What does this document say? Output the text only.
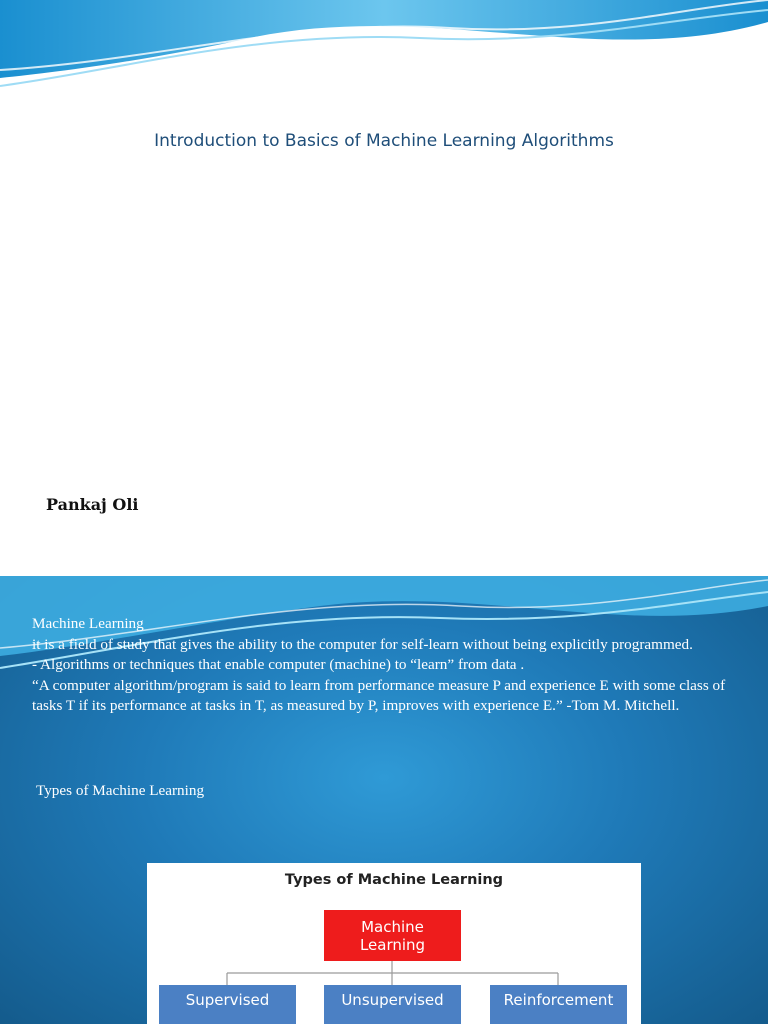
Introduction to Basics of Machine Learning Algorithms
Pankaj Oli

Machine Learning

it is a field of study that gives the ability to the computer for self-learn without being explicitly programmed.

- Algorithms or techniques that enable computer (machine) to “learn” from data .

“A computer algorithm/program is said to learn from performance measure P and experience E with some class of tasks T if its performance at tasks in T, as measured by P, improves with experience E.” -Tom M. Mitchell.

Types of Machine Learning
Types of Machine Learning
Machine Learning
Supervised	Unsupervised	Reinforcement
